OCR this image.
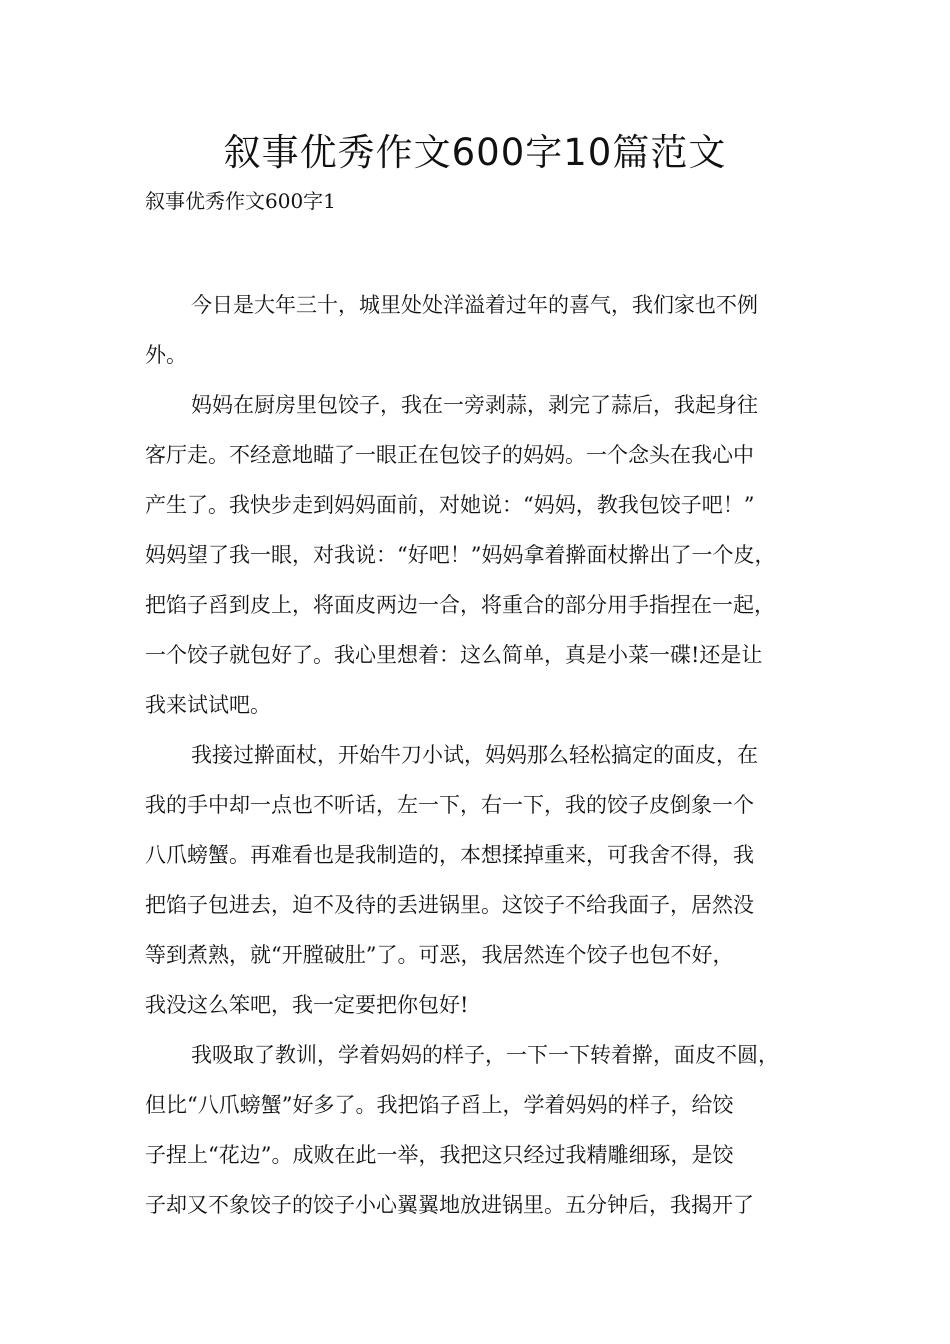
叙事优秀作文600字10篇范文
叙事优秀作文600字1
今日是大年三十，城里处处洋溢着过年的喜气，我们家也不例
外。
妈妈在厨房里包饺子，我在一旁剥蒜，剥完了蒜后，我起身往
客厅走。不经意地瞄了一眼正在包饺子的妈妈。一个念头在我心中
产生了。我快步走到妈妈面前，对她说：“妈妈，教我包饺子吧！”
妈妈望了我一眼，对我说：“好吧！”妈妈拿着擀面杖擀出了一个皮，
把馅子舀到皮上，将面皮两边一合，将重合的部分用手指捏在一起，
一个饺子就包好了。我心里想着：这么简单，真是小菜一碟!还是让
我来试试吧。
我接过擀面杖，开始牛刀小试，妈妈那么轻松搞定的面皮，在
我的手中却一点也不听话，左一下，右一下，我的饺子皮倒象一个
八爪螃蟹。再难看也是我制造的，本想揉掉重来，可我舍不得，我
把馅子包进去，迫不及待的丢进锅里。这饺子不给我面子，居然没
等到煮熟，就“开膛破肚”了。可恶，我居然连个饺子也包不好，
我没这么笨吧，我一定要把你包好!
我吸取了教训，学着妈妈的样子，一下一下转着擀，面皮不圆，
但比“八爪螃蟹”好多了。我把馅子舀上，学着妈妈的样子，给饺
子捏上“花边”。成败在此一举，我把这只经过我精雕细琢，是饺
子却又不象饺子的饺子小心翼翼地放进锅里。五分钟后，我揭开了
